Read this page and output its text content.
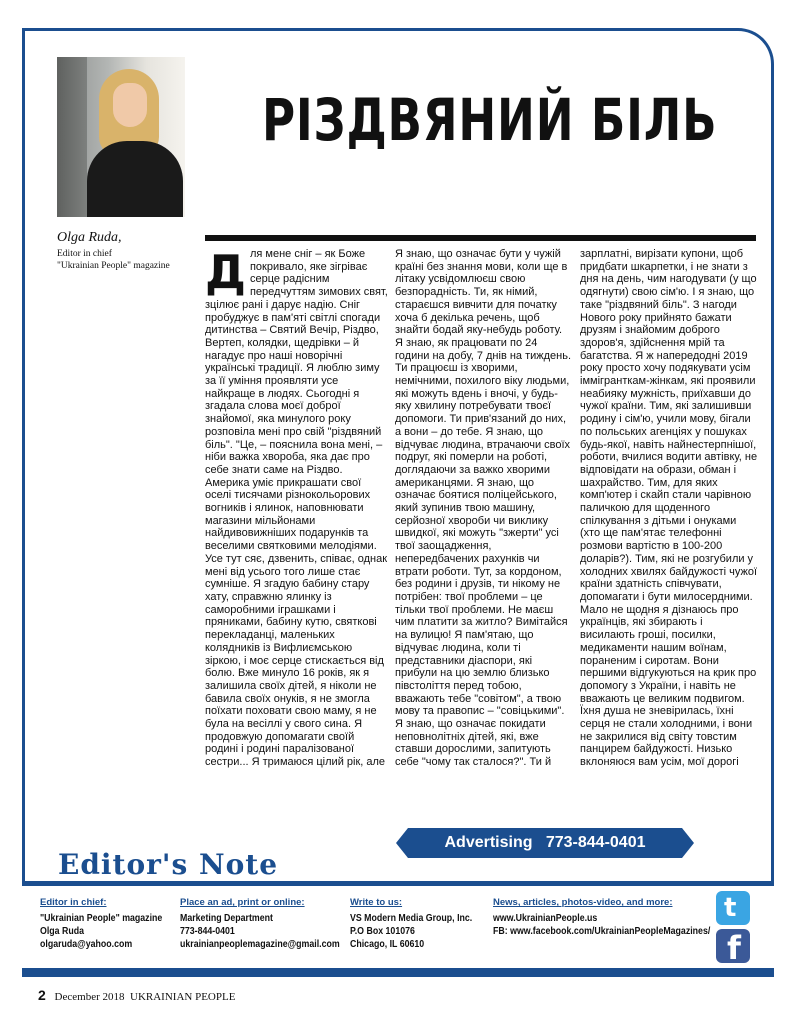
Olga Ruda,
Editor in chief
"Ukrainian People" magazine
РІЗДВЯНИЙ БІЛЬ
Д ля мене сніг – як Боже покривало, яке зігріває серце радісним передчуттям зимових свят, зцілює рані і дарує надію. Сніг пробуджує в пам'яті світлі спогади дитинства – Святий Вечір, Різдво, Вертеп, колядки, щедрівки – й нагадує про наші новорічні українські традиції. Я люблю зиму за її уміння проявляти усе найкраще в людях. Сьогодні я згадала слова моєї доброї знайомої, яка минулого року розповіла мені про свій "різдвяний біль". "Це, – пояснила вона мені, – ніби важка хвороба, яка дає про себе знати саме на Різдво. Америка уміє прикрашати свої оселі тисячами різнокольорових вогників і ялинок, наповнювати магазини мільйонами найдивовижніших подарунків та веселими святковими мелодіями. Усе тут сяє, дзвенить, співає, однак мені від усього того лише стає сумніше. Я згадую бабину стару хату, справжню ялинку із саморобними іграшками і пряниками, бабину кутю, святкові перекладанці, маленьких колядників із Вифлиємською зіркою, і моє серце стискається від болю. Вже минуло 16 років, як я залишила своїх дітей, я ніколи не бавила своїх онуків, я не змогла поїхати поховати свою маму, я не була на весіллі у свого сина. Я продовжую допомагати своїй родині і родині паралізованої сестри... Я тримаюся цілий рік, але

Я знаю, що означає бути у чужій країні без знання мови, коли ще в літаку усвідомлюєш свою безпорадність. Ти, як німий, стараєшся вивчити для початку хоча б декілька речень, щоб знайти бодай яку-небудь роботу. Я знаю, як працювати по 24 години на добу, 7 днів на тиждень. Ти працюєш із хворими, немічними, похилого віку людьми, які можуть вдень і вночі, у будь-яку хвилину потребувати твоєї допомоги. Ти прив'язаний до них, а вони – до тебе. Я знаю, що відчуває людина, втрачаючи своїх подруг, які померли на роботі, доглядаючи за важко хворими американцями. Я знаю, що означає боятися поліцейського, який зупинив твою машину, серйозної хвороби чи виклику швидкої, які можуть "зжерти" усі твої заощадження, непередбачених рахунків чи втрати роботи. Тут, за кордоном, без родини і друзів, ти нікому не потрібен: твої проблеми – це тільки твої проблеми. Не маєш чим платити за житло? Вимітайся на вулицю! Я пам'ятаю, що відчуває людина, коли ті представники діаспори, які прибули на цю землю близько півстоліття перед тобою, вважають тебе "совітом", а твою мову та правопис – "совіцькими". Я знаю, що означає покидати неповнолітніх дітей, які, вже ставши дорослими, запитують себе "чому так сталося?". Ти й

зарплатні, вирізати купони, щоб придбати шкарпетки, і не знати з дня на день, чим нагодувати (у що одягнути) свою сім'ю. І я знаю, що таке "різдвяний біль". З нагоди Нового року прийнято бажати друзям і знайомим доброго здоров'я, здійснення мрій та багатства. Я ж напередодні 2019 року просто хочу подякувати усім іммігранткам-жінкам, які проявили неабияку мужність, приїхавши до чужої країни. Тим, які залишивши родину і сім'ю, учили мову, бігали по польських агенціях у пошуках будь-якої, навіть найнестерпнішої, роботи, вчилися водити автівку, не відповідати на образи, обман і шахрайство. Тим, для яких комп'ютер і скайп стали чарівною паличкою для щоденного спілкування з дітьми і онуками (хто ще пам'ятає телефонні розмови вартістю в 100-200 доларів?). Тим, які не розгубили у холодних хвилях байдужості чужої країни здатність співчувати, допомагати і бути милосердними. Мало не щодня я дізнаюсь про українців, які збирають і висилають гроші, посилки, медикаменти нашим воїнам, пораненим і сиротам. Вони першими відгукуються на крик про допомогу з України, і навіть не вважають це великим подвигом. Їхня душа не зневірилась, їхні серця не стали холодними, і вони не закрилися від світу товстим панцирем байдужості. Низько вклоняюся вам усім, мої дорогі

Advertising 773-844-0401
Editor's Note
Editor in chief:
"Ukrainian People" magazine
Olga Ruda
olgaruda@yahoo.com
Place an ad, print or online:
Marketing Department
773-844-0401
ukrainianpeoplemagazine@gmail.com
Write to us:
VS Modern Media Group, Inc.
P.O Box 101076
Chicago, IL 60610
News, articles, photos-video, and more:
www.UkrainianPeople.us
FB: www.facebook.com/UkrainianPeopleMagazines/
t
f
2 December 2018 UKRAINIAN PEOPLE
